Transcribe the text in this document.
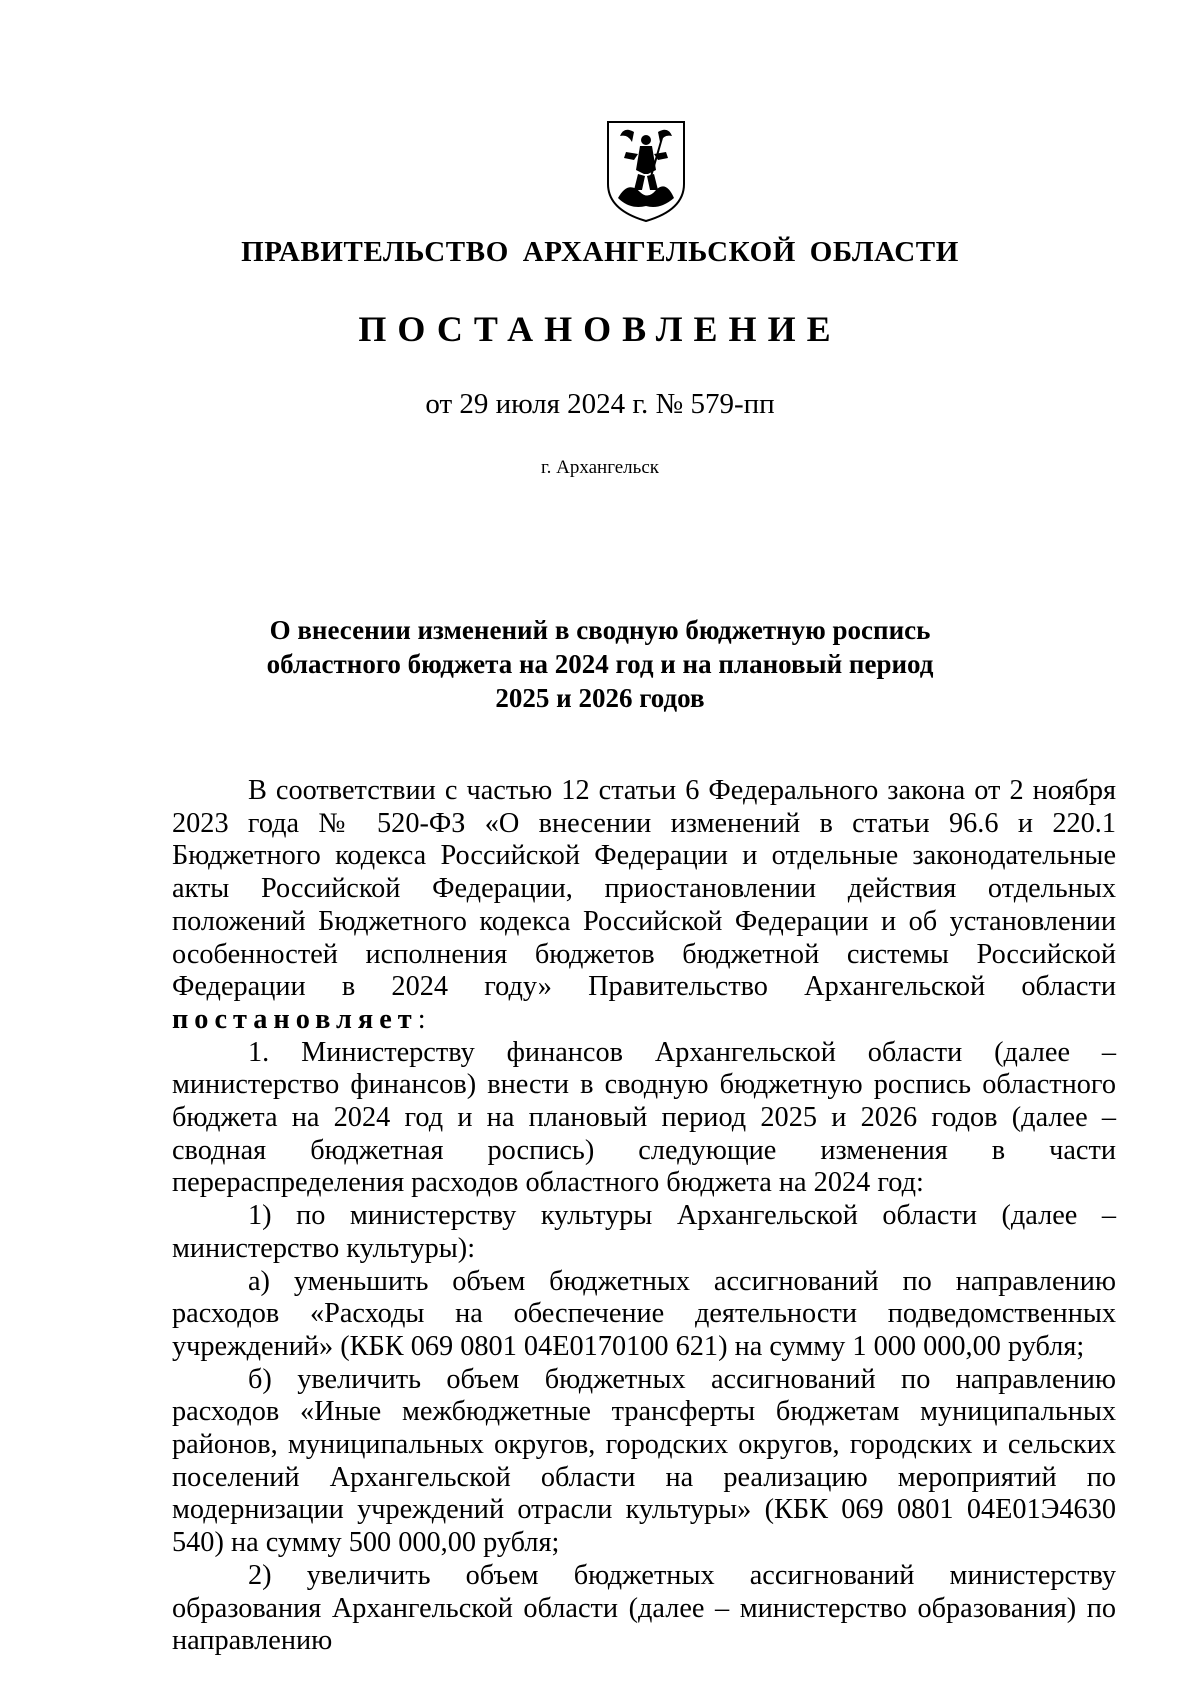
ПРАВИТЕЛЬСТВО АРХАНГЕЛЬСКОЙ ОБЛАСТИ
ПОСТАНОВЛЕНИЕ
от 29 июля 2024 г. № 579-пп
г. Архангельск
О внесении изменений в сводную бюджетную роспись
областного бюджета на 2024 год и на плановый период
2025 и 2026 годов

В соответствии с частью 12 статьи 6 Федерального закона от 2 ноября 2023 года № 520-ФЗ «О внесении изменений в статьи 96.6 и 220.1 Бюджетного кодекса Российской Федерации и отдельные законодательные акты Российской Федерации, приостановлении действия отдельных положений Бюджетного кодекса Российской Федерации и об установлении особенностей исполнения бюджетов бюджетной системы Российской Федерации в 2024 году» Правительство Архангельской области постановляет:

1. Министерству финансов Архангельской области (далее – министерство финансов) внести в сводную бюджетную роспись областного бюджета на 2024 год и на плановый период 2025 и 2026 годов (далее – сводная бюджетная роспись) следующие изменения в части перераспределения расходов областного бюджета на 2024 год:

1) по министерству культуры Архангельской области (далее – министерство культуры):

а) уменьшить объем бюджетных ассигнований по направлению расходов «Расходы на обеспечение деятельности подведомственных учреждений» (КБК 069 0801 04Е0170100 621) на сумму 1 000 000,00 рубля;

б) увеличить объем бюджетных ассигнований по направлению расходов «Иные межбюджетные трансферты бюджетам муниципальных районов, муниципальных округов, городских округов, городских и сельских поселений Архангельской области на реализацию мероприятий по модернизации учреждений отрасли культуры» (КБК 069 0801 04Е01Э4630 540) на сумму 500 000,00 рубля;

2) увеличить объем бюджетных ассигнований министерству образования Архангельской области (далее – министерство образования) по направлению
